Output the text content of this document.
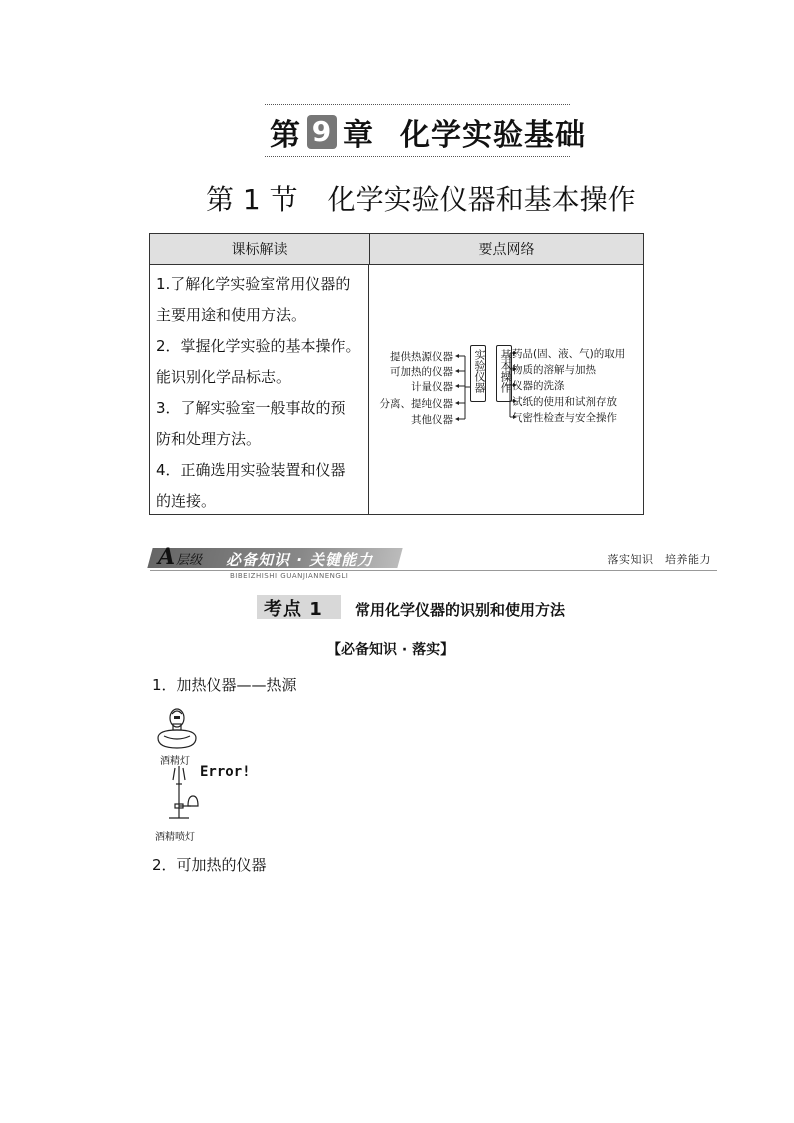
第 9 章 化学实验基础
第 1 节 化学实验仪器和基本操作
课标解读	要点网络
1.了解化学实验室常用仪器的
主要用途和使用方法。
2．掌握化学实验的基本操作。
能识别化学品标志。
3．了解实验室一般事故的预
防和处理方法。
4．正确选用实验装置和仪器
的连接。
提供热源仪器
可加热的仪器
计量仪器
分离、提纯仪器
其他仪器
实验仪器 基本操作 药品(固、液、气)的取用
物质的溶解与加热
仪器的洗涤
试纸的使用和试剂存放
气密性检查与安全操作
A 层级 必备知识 · 关键能力
BIBEIZHISHI GUANJIANNENGLI
落实知识　培养能力
考点 1 常用化学仪器的识别和使用方法
【必备知识 · 落实】
1．加热仪器——热源
酒精灯
Error!
酒精喷灯
2．可加热的仪器
